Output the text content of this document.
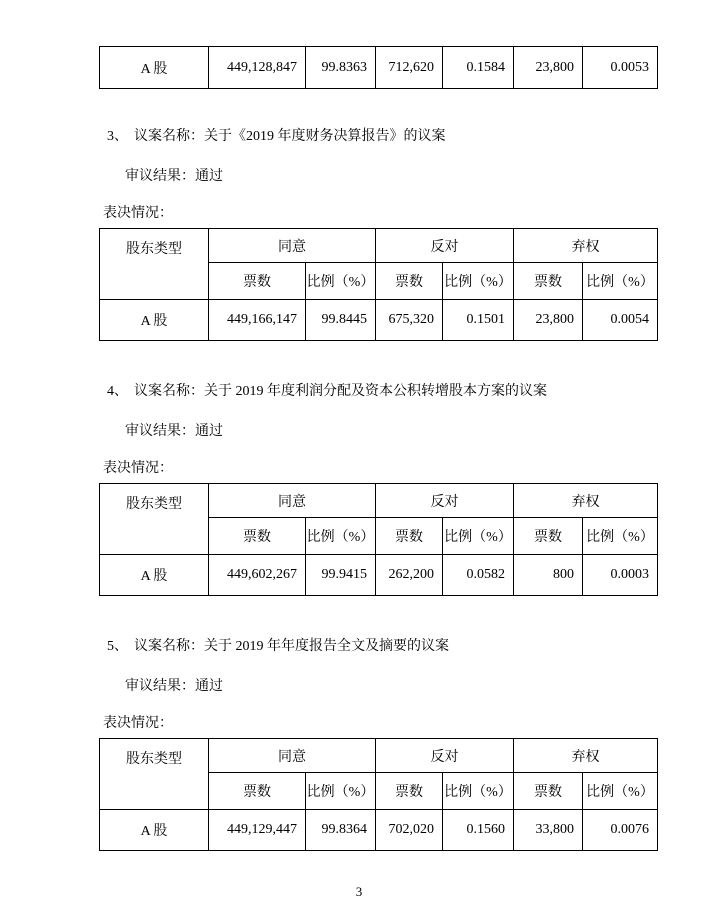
A 股	449,128,847	99.8363	712,620	0.1584	23,800	0.0053
3、 议案名称：关于《2019 年度财务决算报告》的议案
审议结果：通过
表决情况：
股东类型	同意		反对		弃权	
	票数	比例（%）	票数	比例（%）	票数	比例（%）
A 股	449,166,147	99.8445	675,320	0.1501	23,800	0.0054
4、 议案名称：关于 2019 年度利润分配及资本公积转增股本方案的议案
审议结果：通过
表决情况：
股东类型	同意		反对		弃权	
	票数	比例（%）	票数	比例（%）	票数	比例（%）
A 股	449,602,267	99.9415	262,200	0.0582	800	0.0003
5、 议案名称：关于 2019 年年度报告全文及摘要的议案
审议结果：通过
表决情况：
股东类型	同意		反对		弃权	
	票数	比例（%）	票数	比例（%）	票数	比例（%）
A 股	449,129,447	99.8364	702,020	0.1560	33,800	0.0076
3
